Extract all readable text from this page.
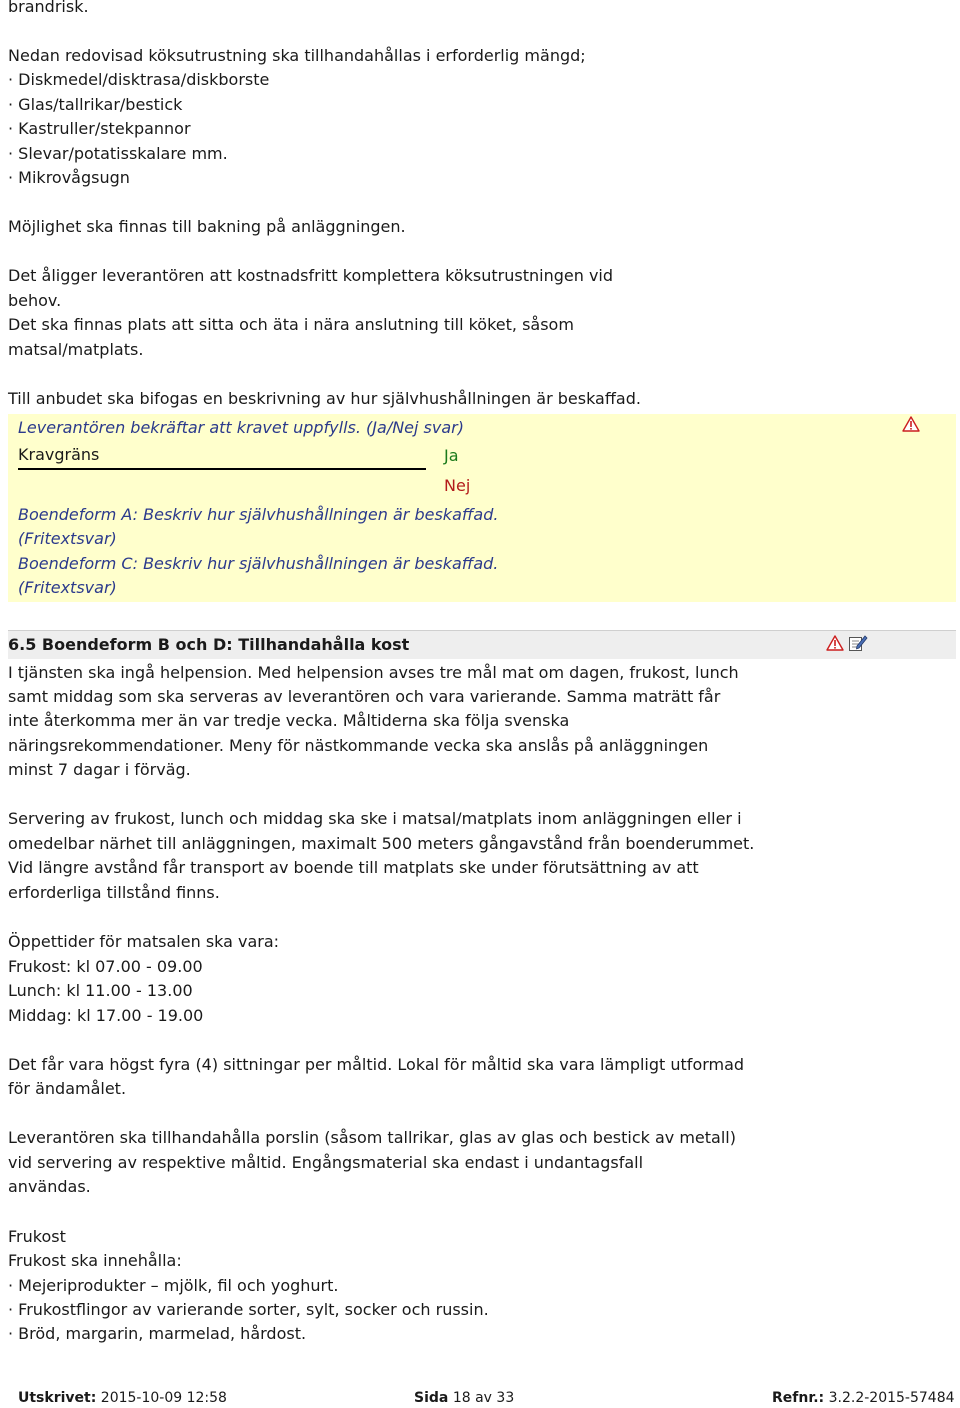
brandrisk.
Nedan redovisad köksutrustning ska tillhandahållas i erforderlig mängd;
· Diskmedel/disktrasa/diskborste
· Glas/tallrikar/bestick
· Kastruller/stekpannor
· Slevar/potatisskalare mm.
· Mikrovågsugn
Möjlighet ska finnas till bakning på anläggningen.
Det åligger leverantören att kostnadsfritt komplettera köksutrustningen vid
behov.
Det ska finnas plats att sitta och äta i nära anslutning till köket, såsom
matsal/matplats.
Till anbudet ska bifogas en beskrivning av hur självhushållningen är beskaffad.
Leverantören bekräftar att kravet uppfylls. (Ja/Nej svar)
Kravgräns	Ja
Nej
Boendeform A: Beskriv hur självhushållningen är beskaffad.
(Fritextsvar)
Boendeform C: Beskriv hur självhushållningen är beskaffad.
(Fritextsvar)
6.5 Boendeform B och D: Tillhandahålla kost
I tjänsten ska ingå helpension. Med helpension avses tre mål mat om dagen, frukost, lunch
samt middag som ska serveras av leverantören och vara varierande. Samma maträtt får
inte återkomma mer än var tredje vecka. Måltiderna ska följa svenska
näringsrekommendationer. Meny för nästkommande vecka ska anslås på anläggningen
minst 7 dagar i förväg.
Servering av frukost, lunch och middag ska ske i matsal/matplats inom anläggningen eller i
omedelbar närhet till anläggningen, maximalt 500 meters gångavstånd från boenderummet.
Vid längre avstånd får transport av boende till matplats ske under förutsättning av att
erforderliga tillstånd finns.
Öppettider för matsalen ska vara:
Frukost: kl 07.00 - 09.00
Lunch: kl 11.00 - 13.00
Middag: kl 17.00 - 19.00
Det får vara högst fyra (4) sittningar per måltid. Lokal för måltid ska vara lämpligt utformad
för ändamålet.
Leverantören ska tillhandahålla porslin (såsom tallrikar, glas av glas och bestick av metall)
vid servering av respektive måltid. Engångsmaterial ska endast i undantagsfall
användas.
Frukost
Frukost ska innehålla:
· Mejeriprodukter – mjölk, fil och yoghurt.
· Frukostflingor av varierande sorter, sylt, socker och russin.
· Bröd, margarin, marmelad, hårdost.
Utskrivet: 2015-10-09 12:58	Sida 18 av 33	Refnr.: 3.2.2-2015-57484
